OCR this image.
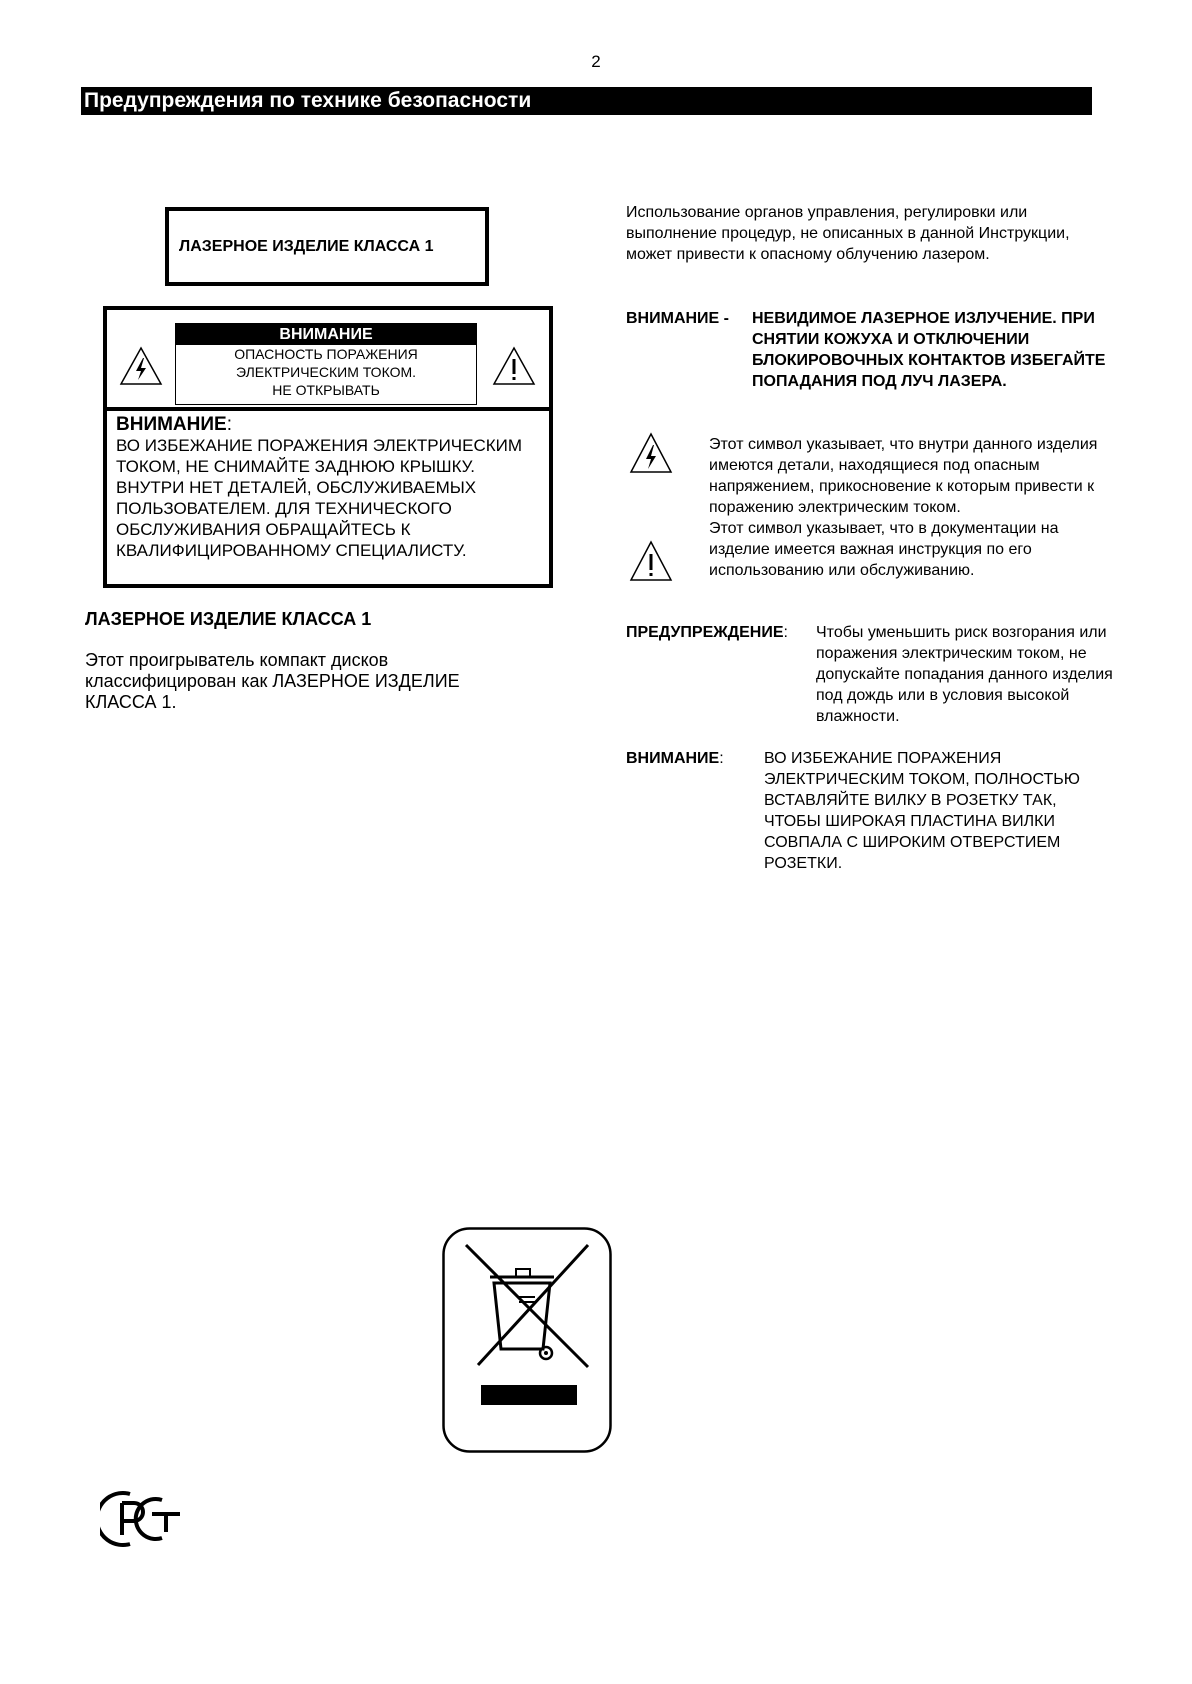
2
Предупреждения по технике безопасности
ЛАЗЕРНОЕ ИЗДЕЛИЕ КЛАССА 1
ВНИМАНИЕ
ОПАСНОСТЬ ПОРАЖЕНИЯ
ЭЛЕКТРИЧЕСКИМ ТОКОМ.
НЕ ОТКРЫВАТЬ
ВНИМАНИЕ:
ВО ИЗБЕЖАНИЕ ПОРАЖЕНИЯ ЭЛЕКТРИЧЕСКИМ ТОКОМ, НЕ СНИМАЙТЕ ЗАДНЮЮ КРЫШКУ. ВНУТРИ НЕТ ДЕТАЛЕЙ, ОБСЛУЖИВАЕМЫХ ПОЛЬЗОВАТЕЛЕМ. ДЛЯ ТЕХНИЧЕСКОГО ОБСЛУЖИВАНИЯ ОБРАЩАЙТЕСЬ К КВАЛИФИЦИРОВАННОМУ СПЕЦИАЛИСТУ.
ЛАЗЕРНОЕ ИЗДЕЛИЕ КЛАССА 1
Этот проигрыватель компакт дисков классифицирован как ЛАЗЕРНОЕ ИЗДЕЛИЕ КЛАССА 1.
Использование органов управления, регулировки или выполнение процедур, не описанных в данной Инструкции, может привести к опасному облучению лазером.
ВНИМАНИЕ - НЕВИДИМОЕ ЛАЗЕРНОЕ ИЗЛУЧЕНИЕ. ПРИ СНЯТИИ КОЖУХА И ОТКЛЮЧЕНИИ БЛОКИРОВОЧНЫХ КОНТАКТОВ ИЗБЕГАЙТЕ ПОПАДАНИЯ ПОД ЛУЧ ЛАЗЕРА.
Этот символ указывает, что внутри данного изделия имеются детали, находящиеся под опасным напряжением, прикосновение к которым привести к поражению электрическим током.
Этот символ указывает, что в документации на изделие имеется важная инструкция по его использованию или обслуживанию.
ПРЕДУПРЕЖДЕНИЕ: Чтобы уменьшить риск возгорания или поражения электрическим током, не допускайте попадания данного изделия под дождь или в условия высокой влажности.
ВНИМАНИЕ:	ВО ИЗБЕЖАНИЕ ПОРАЖЕНИЯ ЭЛЕКТРИЧЕСКИМ ТОКОМ, ПОЛНОСТЬЮ ВСТАВЛЯЙТЕ ВИЛКУ В РОЗЕТКУ ТАК, ЧТОБЫ ШИРОКАЯ ПЛАСТИНА ВИЛКИ СОВПАЛА С ШИРОКИМ ОТВЕРСТИЕМ РОЗЕТКИ.
